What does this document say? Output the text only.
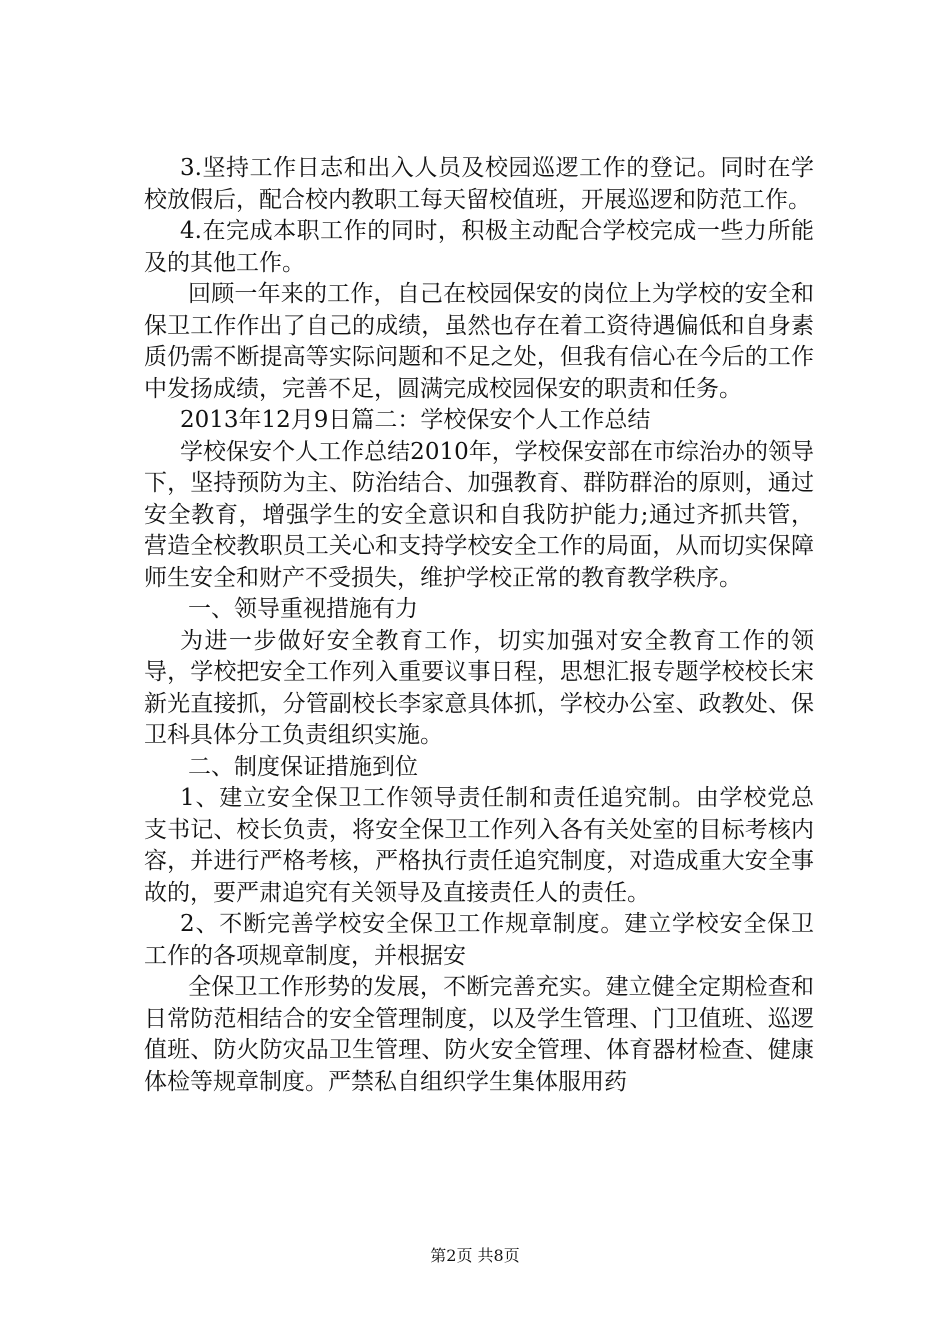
3.坚持工作日志和出入人员及校园巡逻工作的登记。同时在学校放假后，配合校内教职工每天留校值班，开展巡逻和防范工作。

4.在完成本职工作的同时，积极主动配合学校完成一些力所能及的其他工作。

回顾一年来的工作，自己在校园保安的岗位上为学校的安全和保卫工作作出了自己的成绩，虽然也存在着工资待遇偏低和自身素质仍需不断提高等实际问题和不足之处，但我有信心在今后的工作中发扬成绩，完善不足，圆满完成校园保安的职责和任务。

2013年12月9日篇二：学校保安个人工作总结

学校保安个人工作总结2010年，学校保安部在市综治办的领导下，坚持预防为主、防治结合、加强教育、群防群治的原则，通过安全教育，增强学生的安全意识和自我防护能力;通过齐抓共管，营造全校教职员工关心和支持学校安全工作的局面，从而切实保障师生安全和财产不受损失，维护学校正常的教育教学秩序。

一、领导重视措施有力

为进一步做好安全教育工作，切实加强对安全教育工作的领导，学校把安全工作列入重要议事日程，思想汇报专题学校校长宋新光直接抓，分管副校长李家意具体抓，学校办公室、政教处、保卫科具体分工负责组织实施。

二、制度保证措施到位

1、建立安全保卫工作领导责任制和责任追究制。由学校党总支书记、校长负责，将安全保卫工作列入各有关处室的目标考核内容，并进行严格考核，严格执行责任追究制度，对造成重大安全事故的，要严肃追究有关领导及直接责任人的责任。

2、不断完善学校安全保卫工作规章制度。建立学校安全保卫工作的各项规章制度，并根据安

全保卫工作形势的发展，不断完善充实。建立健全定期检查和日常防范相结合的安全管理制度，以及学生管理、门卫值班、巡逻值班、防火防灾品卫生管理、防火安全管理、体育器材检查、健康体检等规章制度。严禁私自组织学生集体服用药

第2页 共8页
